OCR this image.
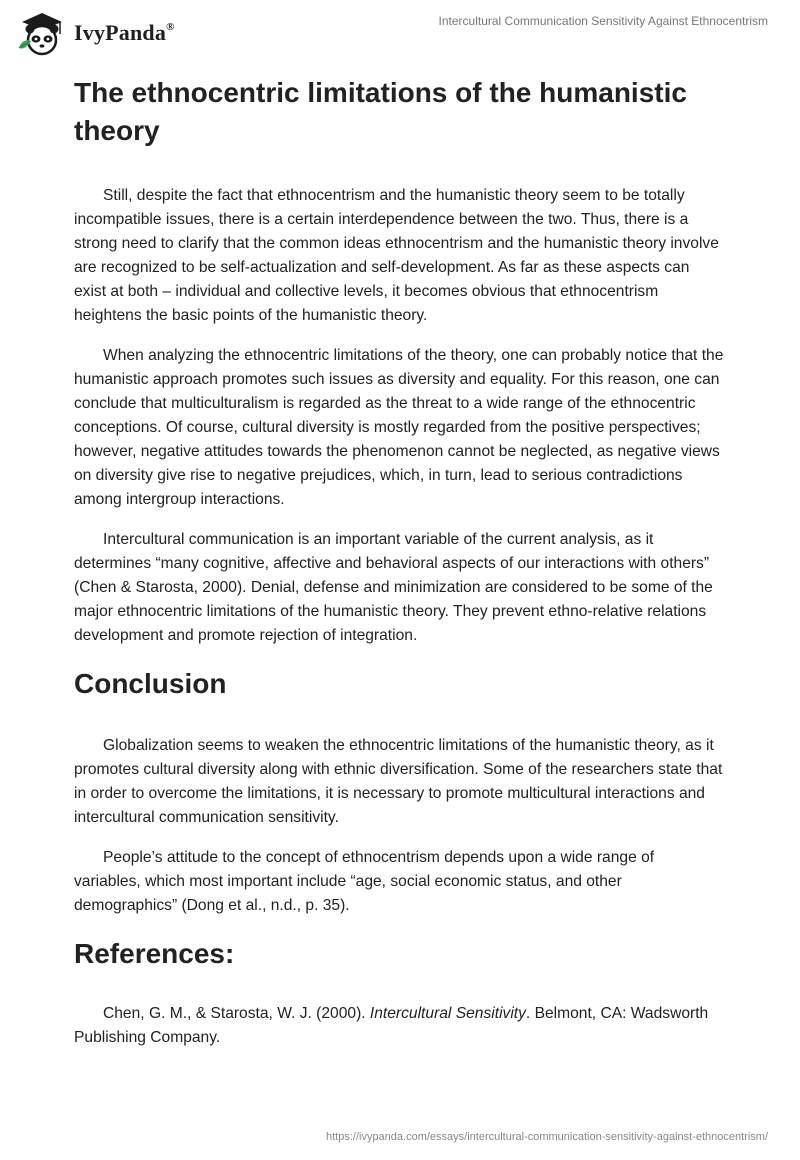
IvyPanda®	Intercultural Communication Sensitivity Against Ethnocentrism
The ethnocentric limitations of the humanistic theory

Still, despite the fact that ethnocentrism and the humanistic theory seem to be totally incompatible issues, there is a certain interdependence between the two. Thus, there is a strong need to clarify that the common ideas ethnocentrism and the humanistic theory involve are recognized to be self-actualization and self-development. As far as these aspects can exist at both – individual and collective levels, it becomes obvious that ethnocentrism heightens the basic points of the humanistic theory.

When analyzing the ethnocentric limitations of the theory, one can probably notice that the humanistic approach promotes such issues as diversity and equality. For this reason, one can conclude that multiculturalism is regarded as the threat to a wide range of the ethnocentric conceptions. Of course, cultural diversity is mostly regarded from the positive perspectives; however, negative attitudes towards the phenomenon cannot be neglected, as negative views on diversity give rise to negative prejudices, which, in turn, lead to serious contradictions among intergroup interactions.

Intercultural communication is an important variable of the current analysis, as it determines “many cognitive, affective and behavioral aspects of our interactions with others” (Chen & Starosta, 2000). Denial, defense and minimization are considered to be some of the major ethnocentric limitations of the humanistic theory. They prevent ethno-relative relations development and promote rejection of integration.

Conclusion

Globalization seems to weaken the ethnocentric limitations of the humanistic theory, as it promotes cultural diversity along with ethnic diversification. Some of the researchers state that in order to overcome the limitations, it is necessary to promote multicultural interactions and intercultural communication sensitivity.

People’s attitude to the concept of ethnocentrism depends upon a wide range of variables, which most important include “age, social economic status, and other demographics” (Dong et al., n.d., p. 35).

References:

Chen, G. M., & Starosta, W. J. (2000). Intercultural Sensitivity. Belmont, CA: Wadsworth Publishing Company.

https://ivypanda.com/essays/intercultural-communication-sensitivity-against-ethnocentrism/
